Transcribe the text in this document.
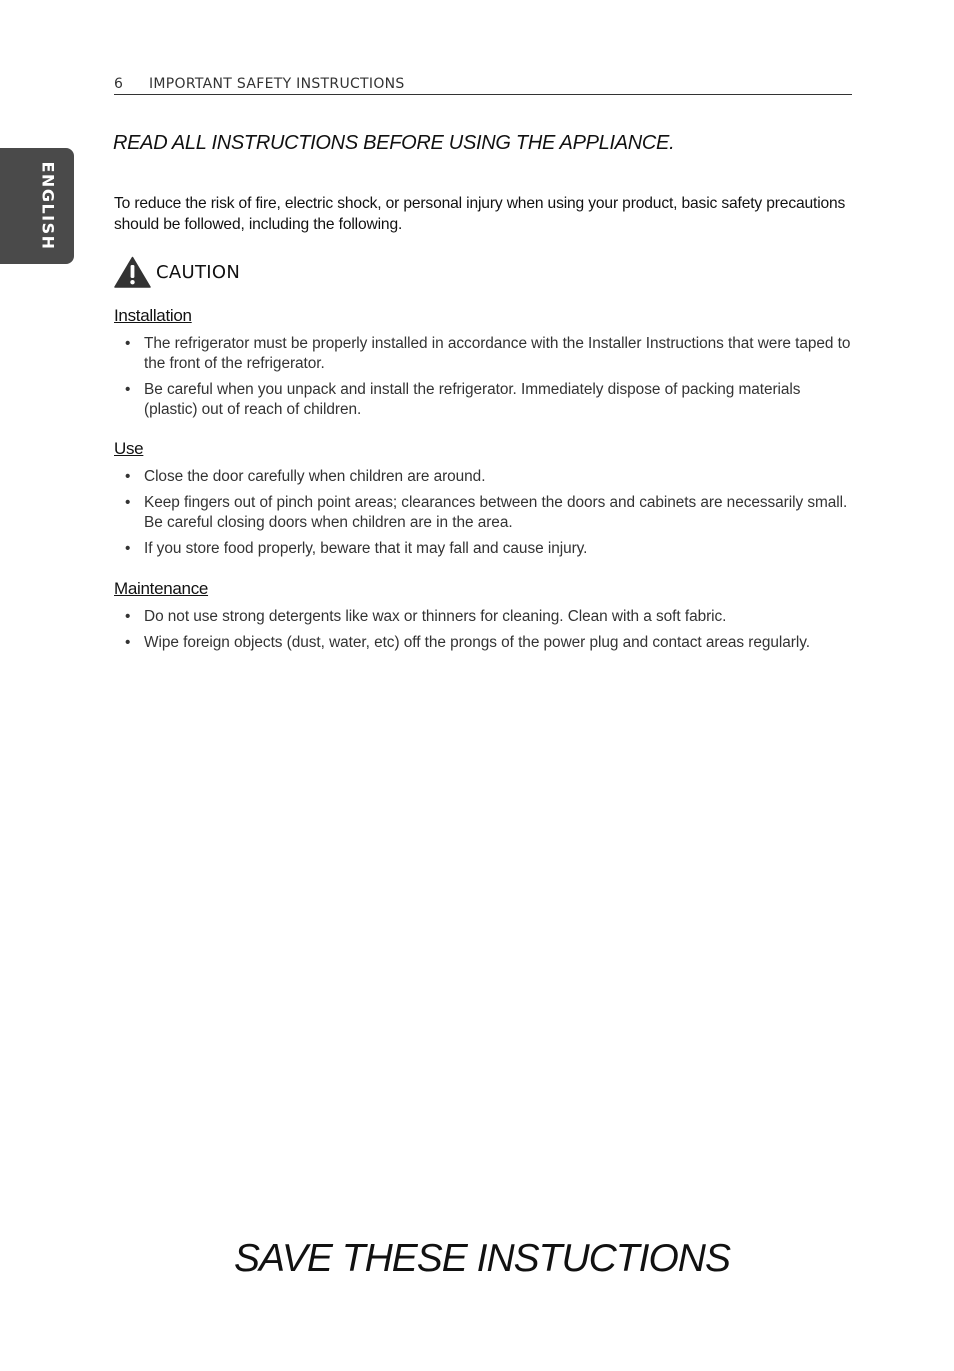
ENGLISH
6 IMPORTANT SAFETY INSTRUCTIONS
READ ALL INSTRUCTIONS BEFORE USING THE APPLIANCE.
To reduce the risk of fire, electric shock, or personal injury when using your product, basic safety precautions should be followed, including the following.
CAUTION
Installation
• The refrigerator must be properly installed in accordance with the Installer Instructions that were taped to the front of the refrigerator.
• Be careful when you unpack and install the refrigerator. Immediately dispose of packing materials (plastic) out of reach of children.
Use
• Close the door carefully when children are around.
• Keep fingers out of pinch point areas; clearances between the doors and cabinets are necessarily small. Be careful closing doors when children are in the area.
• If you store food properly, beware that it may fall and cause injury.
Maintenance
• Do not use strong detergents like wax or thinners for cleaning. Clean with a soft fabric.
• Wipe foreign objects (dust, water, etc) off the prongs of the power plug and contact areas regularly.
SAVE THESE INSTUCTIONS
